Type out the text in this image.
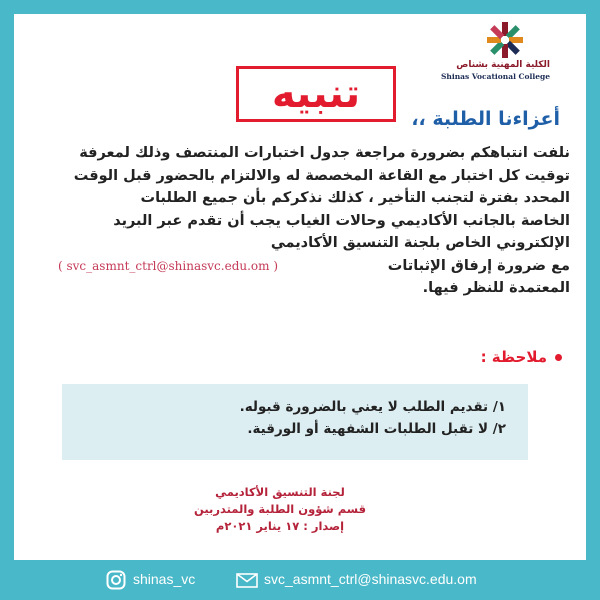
الكلية المهنية بشناص
Shinas Vocational College
تنبيه
أعزاءنا الطلبة ،،
نلفت انتباهكم بضرورة مراجعة جدول اختبارات المنتصف وذلك لمعرفة
توقيت كل اختبار مع القاعة المخصصة له والالتزام بالحضور قبل الوقت
المحدد بفترة لتجنب التأخير ، كذلك نذكركم بأن جميع الطلبات
الخاصة بالجانب الأكاديمي وحالات الغياب يجب أن تقدم عبر البريد
الإلكتروني الخاص بلجنة التنسيق الأكاديمي
مع ضرورة إرفاق الإثباتات
( svc_asmnt_ctrl@shinasvc.edu.om )
المعتمدة للنظر فيها.
ملاحظة :
١/ تقديم الطلب لا يعني بالضرورة قبوله.
٢/ لا تقبل الطلبات الشفهية أو الورقية.
لجنة التنسيق الأكاديمي
قسم شؤون الطلبة والمتدربين
إصدار : ١٧ يناير ٢٠٢١م
shinas_vc	svc_asmnt_ctrl@shinasvc.edu.om
